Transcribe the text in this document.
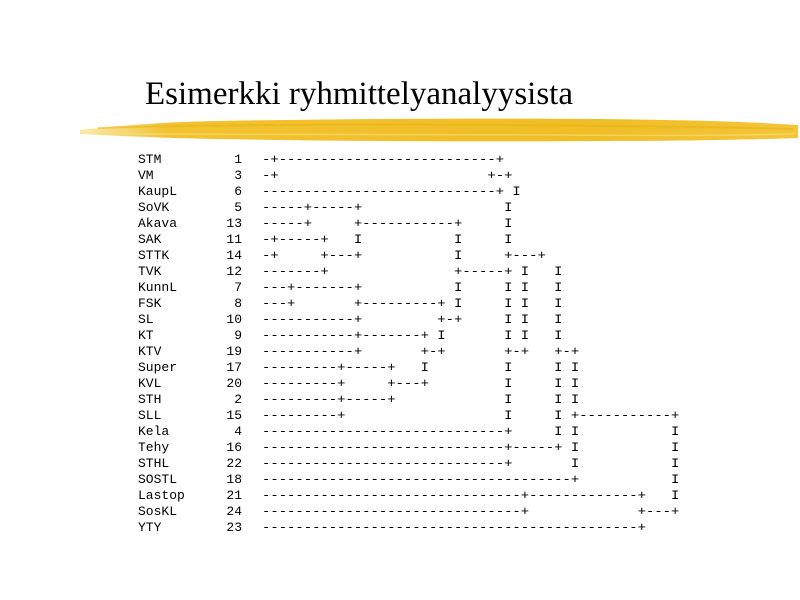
Esimerkki ryhmittelyanalyysista
STM	1 -+--------------------------+
VM	3 -+                         +-+
KaupL	6 ----------------------------+ I
SoVK	5 -----+-----+                 I
Akava	13 -----+     +-----------+     I
SAK	11 -+-----+   I           I     I
STTK	14 -+     +---+           I     +---+
TVK	12 -------+               +-----+ I   I
KunnL	7 ---+-------+           I     I I   I
FSK	8 ---+       +---------+ I     I I   I
SL	10 -----------+         +-+     I I   I
KT	9 -----------+-------+ I       I I   I
KTV	19 -----------+       +-+       +-+   +-+
Super	17 ---------+-----+   I         I     I I
KVL	20 ---------+     +---+         I     I I
STH	2 ---------+-----+             I     I I
SLL	15 ---------+                   I     I +-----------+
Kela	4 -----------------------------+     I I           I
Tehy	16 -----------------------------+-----+ I           I
STHL	22 -----------------------------+       I           I
SOSTL	18 -------------------------------------+           I
Lastop	21 -------------------------------+-------------+   I
SosKL	24 -------------------------------+             +---+
YTY	23 ---------------------------------------------+
